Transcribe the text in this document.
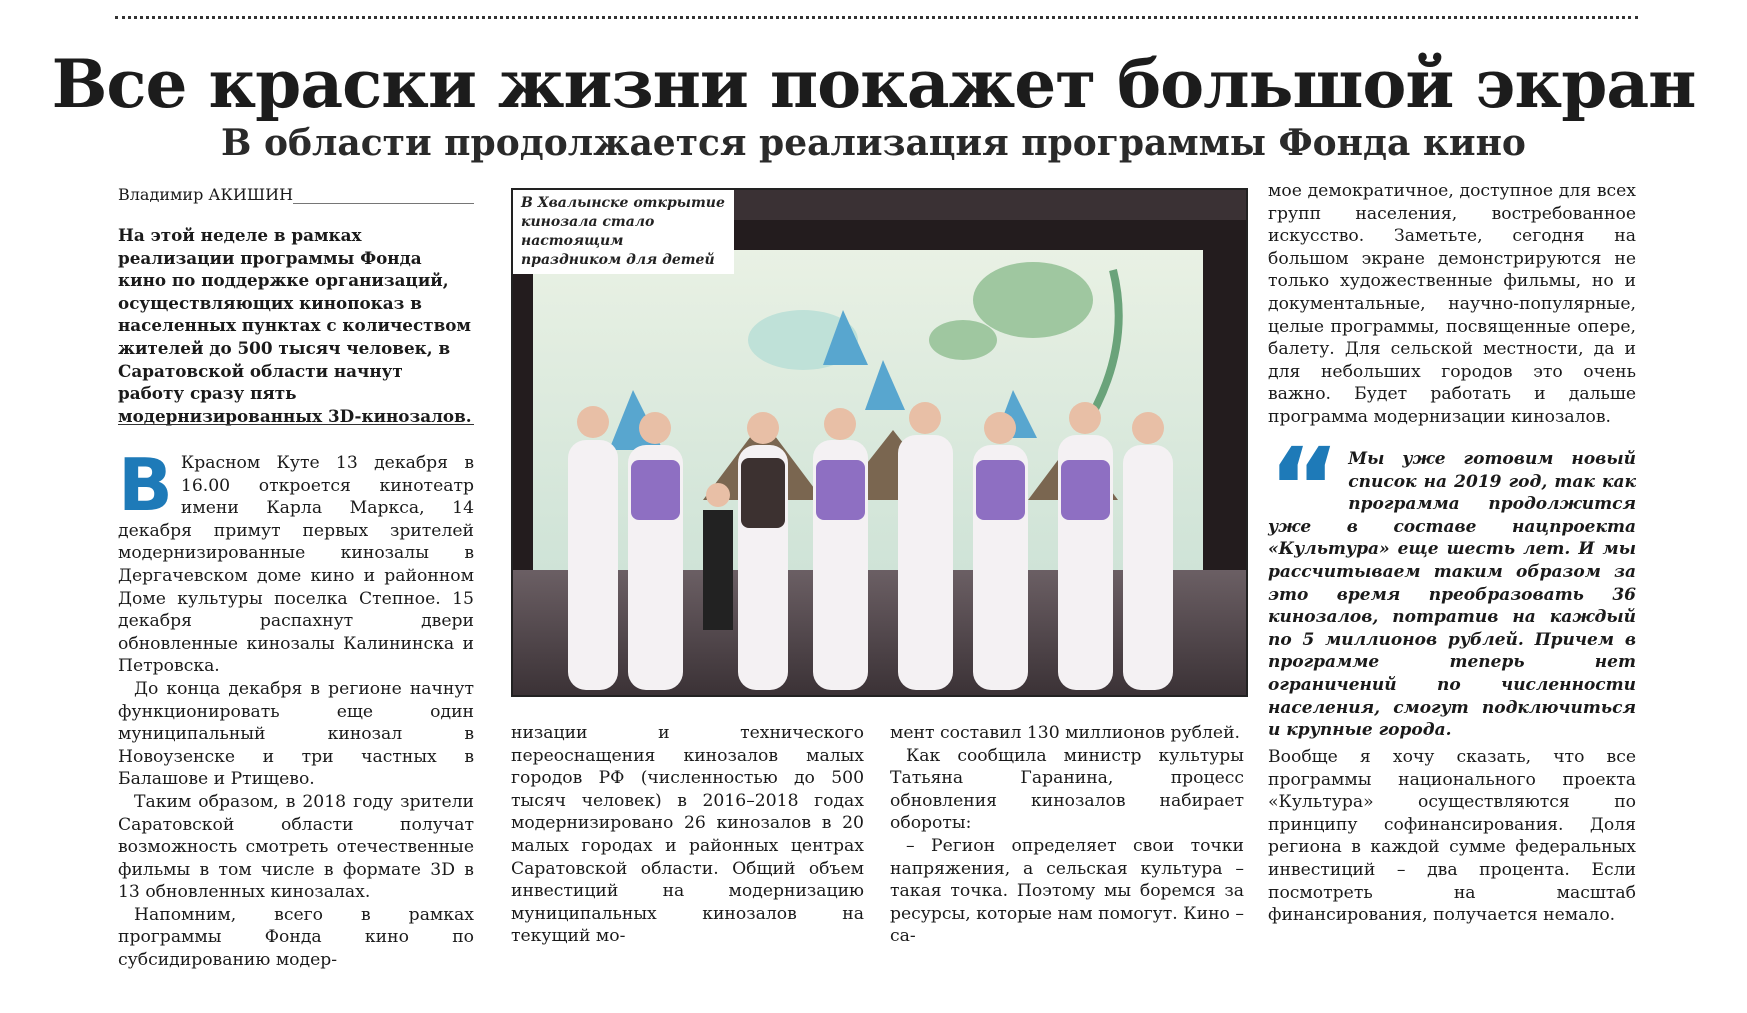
Все краски жизни покажет большой экран
В области продолжается реализация программы Фонда кино
Владимир АКИШИН _____
На этой неделе в рамках реализации программы Фонда кино по поддержке организаций, осуществляющих кинопоказ в населенных пунктах с количеством жителей до 500 тысяч человек, в Саратовской области начнут работу сразу пять модернизированных 3D-кинозалов.

В Красном Куте 13 декабря в 16.00 откроется кинотеатр имени Карла Маркса, 14 декабря примут первых зрителей модернизированные кинозалы в Дергачевском доме кино и районном Доме культуры поселка Степное. 15 декабря распахнут двери обновленные кинозалы Калининска и Петровска.

До конца декабря в регионе начнут функционировать еще один муниципальный кинозал в Новоузенске и три частных в Балашове и Ртищево.

Таким образом, в 2018 году зрители Саратовской области получат возможность смотреть отечественные фильмы в том числе в формате 3D в 13 обновленных кинозалах.

Напомним, всего в рамках программы Фонда кино по субсидированию модер-

В Хвалынске открытие кинозала стало настоящим праздником для детей

низации и технического переоснащения кинозалов малых городов РФ (численностью до 500 тысяч человек) в 2016–2018 годах модернизировано 26 кинозалов в 20 малых городах и районных центрах Саратовской области. Общий объем инвестиций на модернизацию муниципальных кинозалов на текущий мо-

мент составил 130 миллионов рублей.

Как сообщила министр культуры Татьяна Гаранина, процесс обновления кинозалов набирает обороты:

– Регион определяет свои точки напряжения, а сельская культура – такая точка. Поэтому мы боремся за ресурсы, которые нам помогут. Кино – са-

мое демократичное, доступное для всех групп населения, востребованное искусство. Заметьте, сегодня на большом экране демонстрируются не только художественные фильмы, но и документальные, научно-популярные, целые программы, посвященные опере, балету. Для сельской местности, да и для небольших городов это очень важно. Будет работать и дальше программа модернизации кинозалов.

“ Мы уже готовим новый список на 2019 год, так как программа продолжится уже в составе нацпроекта «Культура» еще шесть лет. И мы рассчитываем таким образом за это время преобразовать 36 кинозалов, потратив на каждый по 5 миллионов рублей. Причем в программе теперь нет ограничений по численности населения, смогут подключиться и крупные города.

Вообще я хочу сказать, что все программы национального проекта «Культура» осуществляются по принципу софинансирования. Доля региона в каждой сумме федеральных инвестиций – два процента. Если посмотреть на масштаб финансирования, получается немало.
